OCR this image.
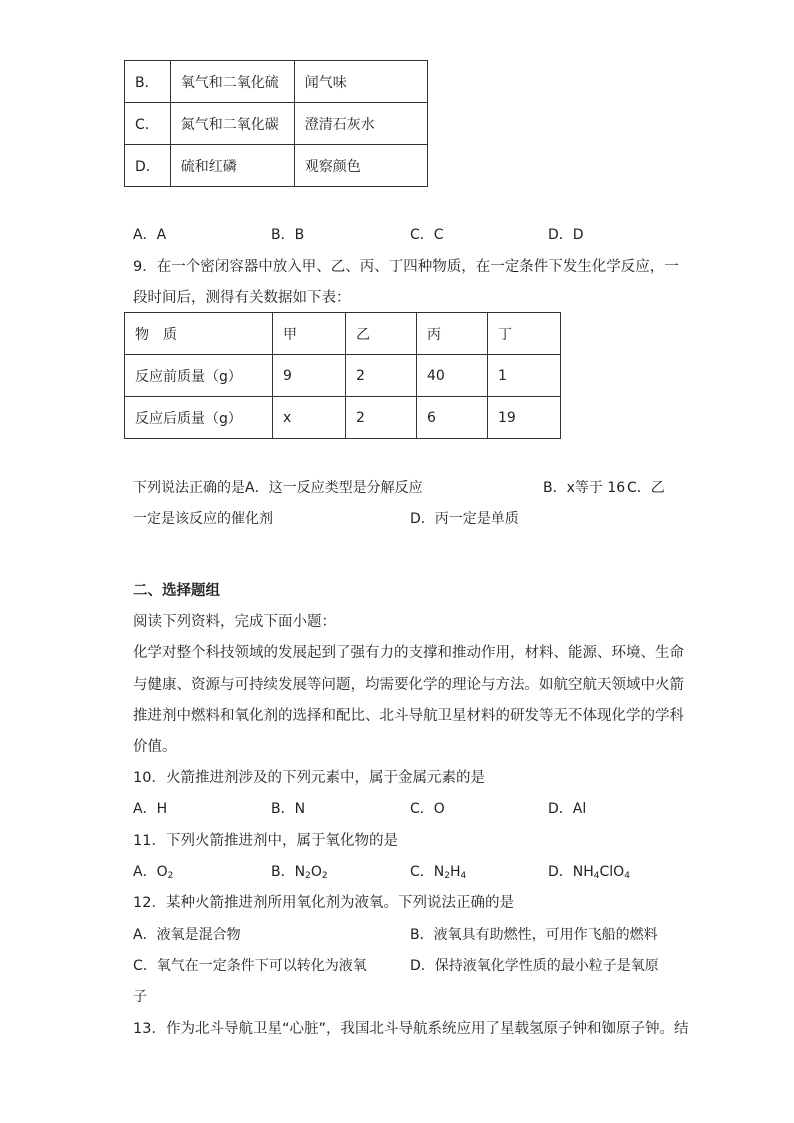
B．	氧气和二氧化硫	闻气味
C．	氮气和二氧化碳	澄清石灰水
D．	硫和红磷	观察颜色
A．A	B．B	C．C	D．D
9．在一个密闭容器中放入甲、乙、丙、丁四种物质，在一定条件下发生化学反应，一
段时间后，测得有关数据如下表：
物　质	甲	乙	丙	丁
反应前质量（g）	9	2	40	1
反应后质量（g）	x	2	6	19
下列说法正确的是 A．这一反应类型是分解反应	B．x等于 16 C．乙
一定是该反应的催化剂	D．丙一定是单质
二、选择题组
阅读下列资料，完成下面小题：
化学对整个科技领域的发展起到了强有力的支撑和推动作用，材料、能源、环境、生命
与健康、资源与可持续发展等问题，均需要化学的理论与方法。如航空航天领域中火箭
推进剂中燃料和氧化剂的选择和配比、北斗导航卫星材料的研发等无不体现化学的学科
价值。
10．火箭推进剂涉及的下列元素中，属于金属元素的是
A．H	B．N	C．O	D．Al
11．下列火箭推进剂中，属于氧化物的是
A．$O_2$	B．$N_2O_2$	C．$N_2H_4$	D．$NH_4ClO_4$
12．某种火箭推进剂所用氧化剂为液氧。下列说法正确的是
A．液氧是混合物	B．液氧具有助燃性，可用作飞船的燃料
C．氧气在一定条件下可以转化为液氧	D．保持液氧化学性质的最小粒子是氧原
子
13．作为北斗导航卫星“心脏”，我国北斗导航系统应用了星载氢原子钟和铷原子钟。结
